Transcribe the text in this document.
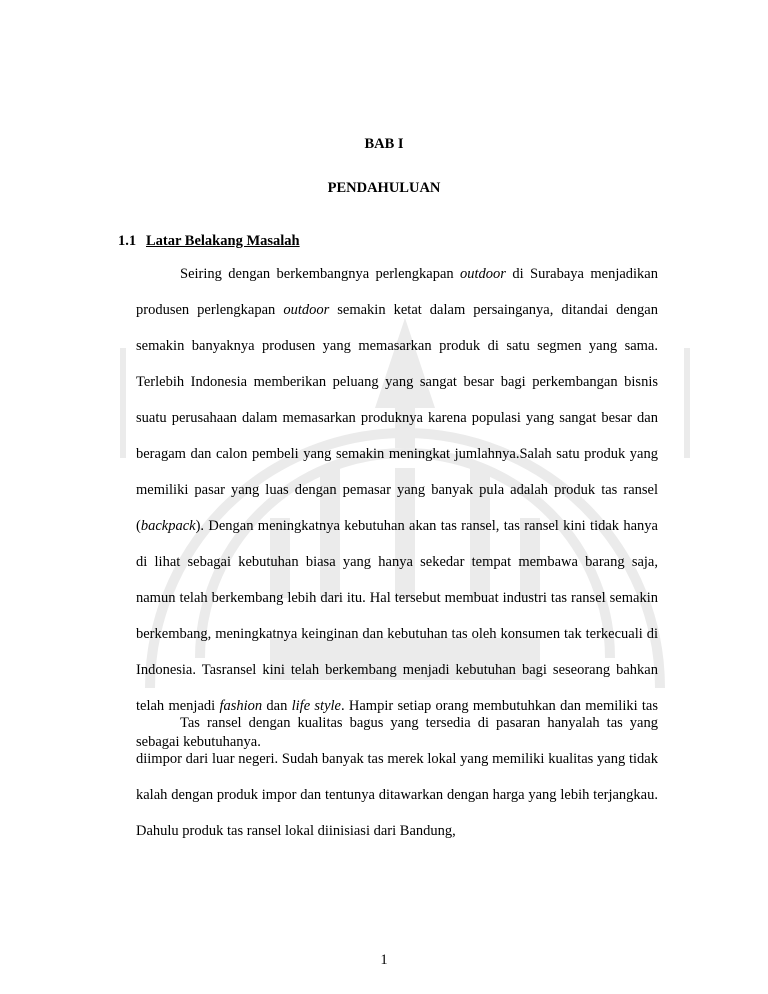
BAB I
PENDAHULUAN
1.1 Latar Belakang Masalah

Seiring dengan berkembangnya perlengkapan outdoor di Surabaya menjadikan produsen perlengkapan outdoor semakin ketat dalam persainganya, ditandai dengan semakin banyaknya produsen yang memasarkan produk di satu segmen yang sama. Terlebih Indonesia memberikan peluang yang sangat besar bagi perkembangan bisnis suatu perusahaan dalam memasarkan produknya karena populasi yang sangat besar dan beragam dan calon pembeli yang semakin meningkat jumlahnya.Salah satu produk yang memiliki pasar yang luas dengan pemasar yang banyak pula adalah produk tas ransel (backpack). Dengan meningkatnya kebutuhan akan tas ransel, tas ransel kini tidak hanya di lihat sebagai kebutuhan biasa yang hanya sekedar tempat membawa barang saja, namun telah berkembang lebih dari itu. Hal tersebut membuat industri tas ransel semakin berkembang, meningkatnya keinginan dan kebutuhan tas oleh konsumen tak terkecuali di Indonesia. Tasransel kini telah berkembang menjadi kebutuhan bagi seseorang bahkan telah menjadi fashion dan life style. Hampir setiap orang membutuhkan dan memiliki tas sebagai kebutuhanya.

Tas ransel dengan kualitas bagus yang tersedia di pasaran hanyalah tas yang diimpor dari luar negeri. Sudah banyak tas merek lokal yang memiliki kualitas yang tidak kalah dengan produk impor dan tentunya ditawarkan dengan harga yang lebih terjangkau. Dahulu produk tas ransel lokal diinisiasi dari Bandung,

1
